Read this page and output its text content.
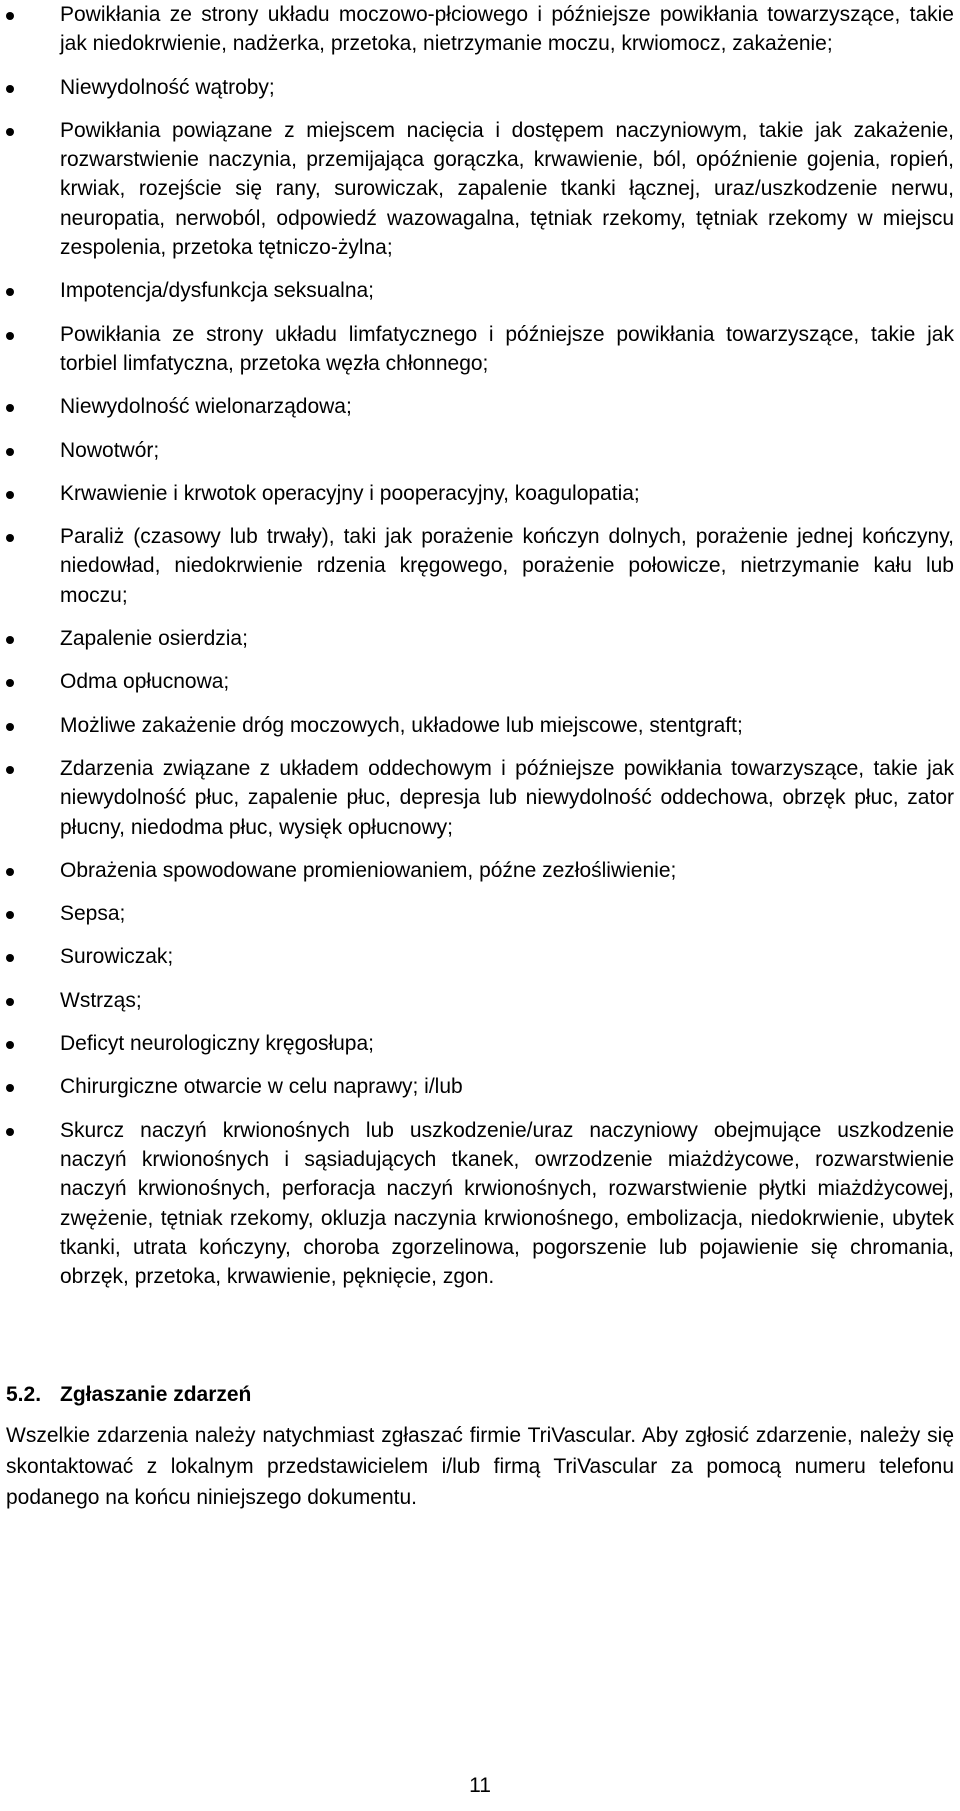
Powikłania ze strony układu moczowo-płciowego i późniejsze powikłania towarzyszące, takie jak niedokrwienie, nadżerka, przetoka, nietrzymanie moczu, krwiomocz, zakażenie;
Niewydolność wątroby;
Powikłania powiązane z miejscem nacięcia i dostępem naczyniowym, takie jak zakażenie, rozwarstwienie naczynia, przemijająca gorączka, krwawienie, ból, opóźnienie gojenia, ropień, krwiak, rozejście się rany, surowiczak, zapalenie tkanki łącznej, uraz/uszkodzenie nerwu, neuropatia, nerwoból, odpowiedź wazowagalna, tętniak rzekomy, tętniak rzekomy w miejscu zespolenia, przetoka tętniczo-żylna;
Impotencja/dysfunkcja seksualna;
Powikłania ze strony układu limfatycznego i późniejsze powikłania towarzyszące, takie jak torbiel limfatyczna, przetoka węzła chłonnego;
Niewydolność wielonarządowa;
Nowotwór;
Krwawienie i krwotok operacyjny i pooperacyjny, koagulopatia;
Paraliż (czasowy lub trwały), taki jak porażenie kończyn dolnych, porażenie jednej kończyny, niedowład, niedokrwienie rdzenia kręgowego, porażenie połowicze, nietrzymanie kału lub moczu;
Zapalenie osierdzia;
Odma opłucnowa;
Możliwe zakażenie dróg moczowych, układowe lub miejscowe, stentgraft;
Zdarzenia związane z układem oddechowym i późniejsze powikłania towarzyszące, takie jak niewydolność płuc, zapalenie płuc, depresja lub niewydolność oddechowa, obrzęk płuc, zator płucny, niedodma płuc, wysięk opłucnowy;
Obrażenia spowodowane promieniowaniem, późne zezłośliwienie;
Sepsa;
Surowiczak;
Wstrząs;
Deficyt neurologiczny kręgosłupa;
Chirurgiczne otwarcie w celu naprawy; i/lub
Skurcz naczyń krwionośnych lub uszkodzenie/uraz naczyniowy obejmujące uszkodzenie naczyń krwionośnych i sąsiadujących tkanek, owrzodzenie miażdżycowe, rozwarstwienie naczyń krwionośnych, perforacja naczyń krwionośnych, rozwarstwienie płytki miażdżycowej, zwężenie, tętniak rzekomy, okluzja naczynia krwionośnego, embolizacja, niedokrwienie, ubytek tkanki, utrata kończyny, choroba zgorzelinowa, pogorszenie lub pojawienie się chromania, obrzęk, przetoka, krwawienie, pęknięcie, zgon.
5.2. Zgłaszanie zdarzeń
Wszelkie zdarzenia należy natychmiast zgłaszać firmie TriVascular. Aby zgłosić zdarzenie, należy się skontaktować z lokalnym przedstawicielem i/lub firmą TriVascular za pomocą numeru telefonu podanego na końcu niniejszego dokumentu.
11
